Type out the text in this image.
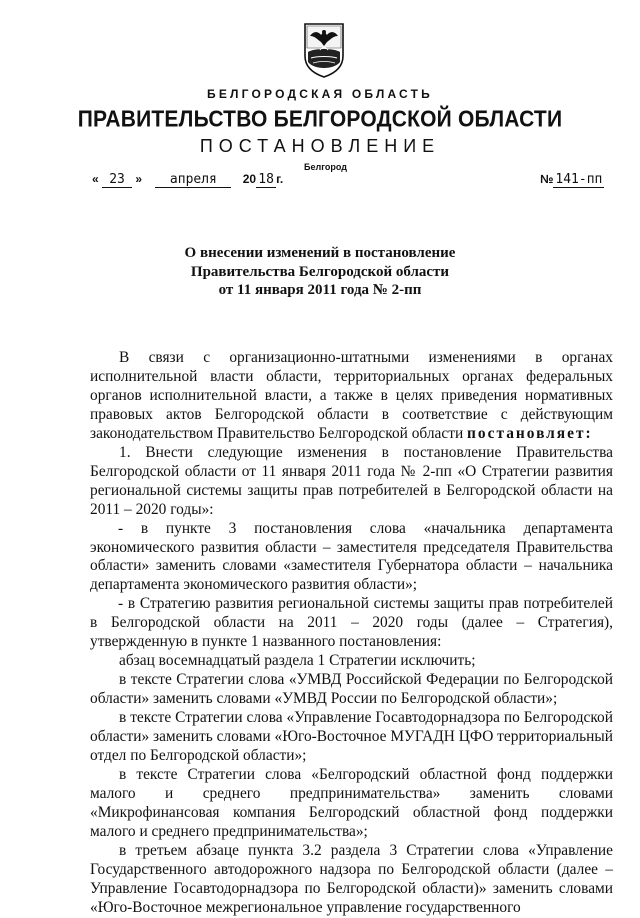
БЕЛГОРОДСКАЯ ОБЛАСТЬ
ПРАВИТЕЛЬСТВО БЕЛГОРОДСКОЙ ОБЛАСТИ
ПОСТАНОВЛЕНИЕ
Белгород
« 23 » апреля 20 18 г.	№ 141-пп
О внесении изменений в постановление
Правительства Белгородской области
от 11 января 2011 года № 2-пп

В связи с организационно-штатными изменениями в органах исполнительной власти области, территориальных органах федеральных органов исполнительной власти, а также в целях приведения нормативных правовых актов Белгородской области в соответствие с действующим законодательством Правительство Белгородской области постановляет:

1. Внести следующие изменения в постановление Правительства Белгородской области от 11 января 2011 года № 2-пп «О Стратегии развития региональной системы защиты прав потребителей в Белгородской области на 2011 – 2020 годы»:

- в пункте 3 постановления слова «начальника департамента экономического развития области – заместителя председателя Правительства области» заменить словами «заместителя Губернатора области – начальника департамента экономического развития области»;

- в Стратегию развития региональной системы защиты прав потребителей в Белгородской области на 2011 – 2020 годы (далее – Стратегия), утвержденную в пункте 1 названного постановления:

абзац восемнадцатый раздела 1 Стратегии исключить;

в тексте Стратегии слова «УМВД Российской Федерации по Белгородской области» заменить словами «УМВД России по Белгородской области»;

в тексте Стратегии слова «Управление Госавтодорнадзора по Белгородской области» заменить словами «Юго-Восточное МУГАДН ЦФО территориальный отдел по Белгородской области»;

в тексте Стратегии слова «Белгородский областной фонд поддержки малого и среднего предпринимательства» заменить словами «Микрофинансовая компания Белгородский областной фонд поддержки малого и среднего предпринимательства»;

в третьем абзаце пункта 3.2 раздела 3 Стратегии слова «Управление Государственного автодорожного надзора по Белгородской области (далее – Управление Госавтодорнадзора по Белгородской области)» заменить словами «Юго-Восточное межрегиональное управление государственного
